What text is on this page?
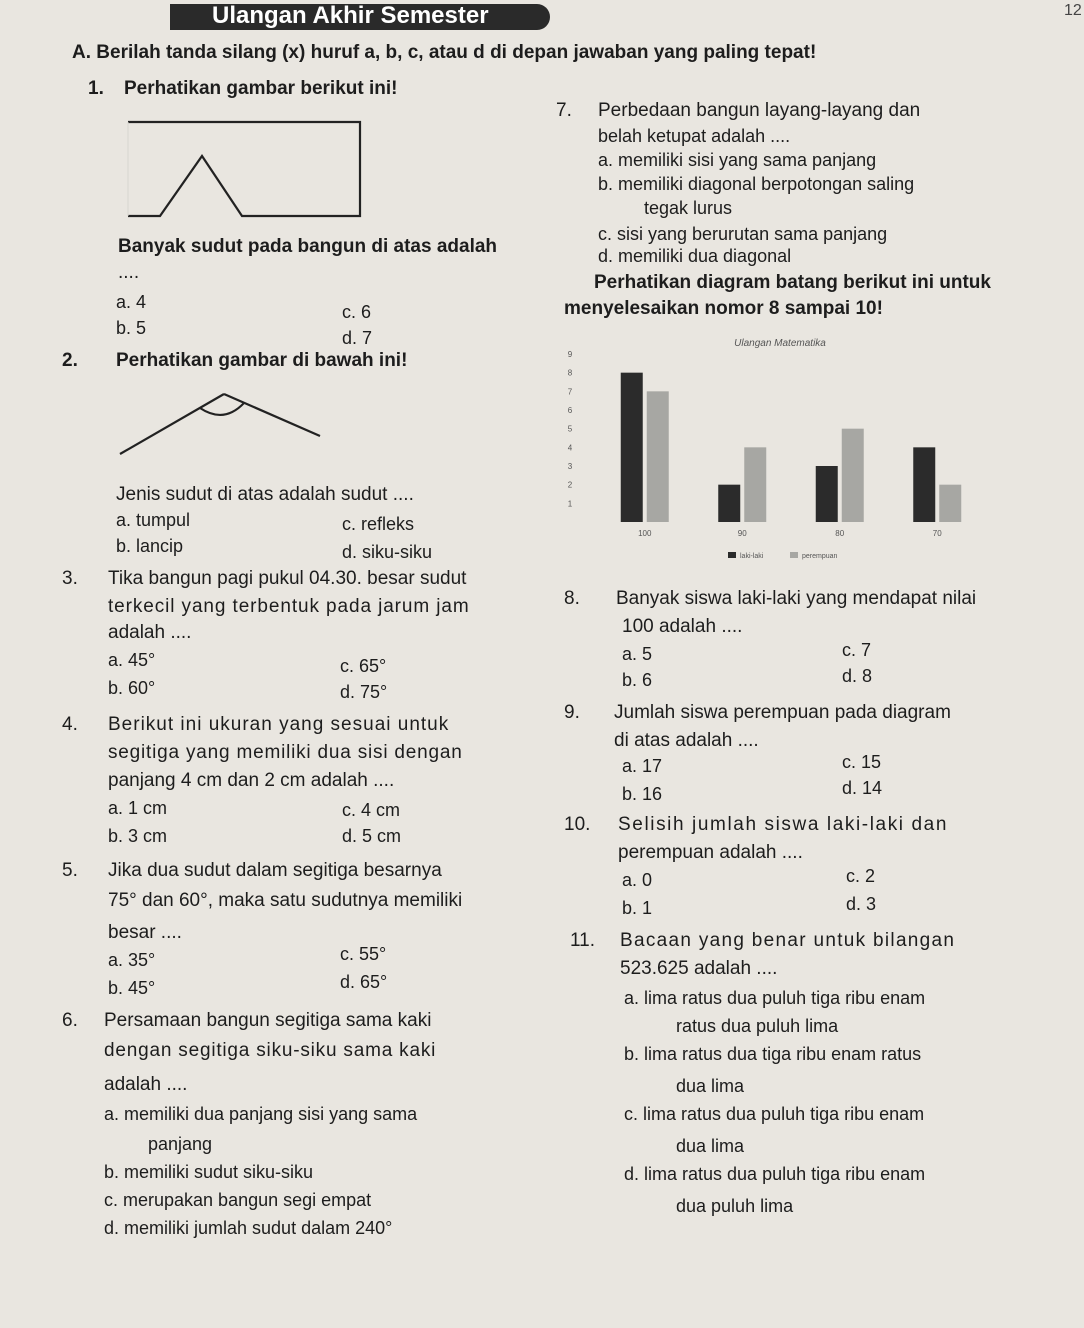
Ulangan Akhir Semester	12
A. Berilah tanda silang (x) huruf a, b, c, atau d di depan jawaban yang paling tepat!
1. Perhatikan gambar berikut ini!
Banyak sudut pada bangun di atas adalah
....
a. 4
b. 5
c. 6
d. 7
2. Perhatikan gambar di bawah ini!
Jenis sudut di atas adalah sudut ....
a. tumpul
b. lancip
c. refleks
d. siku-siku
3. Tika bangun pagi pukul 04.30. besar sudut
terkecil yang terbentuk pada jarum jam
adalah ....
a. 45°
b. 60°
c. 65°
d. 75°
4. Berikut ini ukuran yang sesuai untuk
segitiga yang memiliki dua sisi dengan
panjang 4 cm dan 2 cm adalah ....
a. 1 cm
b. 3 cm
c. 4 cm
d. 5 cm
5. Jika dua sudut dalam segitiga besarnya
75° dan 60°, maka satu sudutnya memiliki
besar ....
a. 35°
b. 45°
c. 55°
d. 65°
6. Persamaan bangun segitiga sama kaki
dengan segitiga siku-siku sama kaki
adalah ....
a. memiliki dua panjang sisi yang sama
panjang
b. memiliki sudut siku-siku
c. merupakan bangun segi empat
d. memiliki jumlah sudut dalam 240°
7. Perbedaan bangun layang-layang dan
belah ketupat adalah ....
a. memiliki sisi yang sama panjang
b. memiliki diagonal berpotongan saling
tegak lurus
c. sisi yang berurutan sama panjang
d. memiliki dua diagonal
Perhatikan diagram batang berikut ini untuk
menyelesaikan nomor 8 sampai 10!
Ulangan Matematika
1
2
3
4
5
6
7
8
9
100	90	80	70
laki-laki	perempuan
8. Banyak siswa laki-laki yang mendapat nilai
100 adalah ....
a. 5
b. 6
c. 7
d. 8
9. Jumlah siswa perempuan pada diagram
di atas adalah ....
a. 17
b. 16
c. 15
d. 14
10. Selisih jumlah siswa laki-laki dan
perempuan adalah ....
a. 0
b. 1
c. 2
d. 3
11. Bacaan yang benar untuk bilangan
523.625 adalah ....
a. lima ratus dua puluh tiga ribu enam
ratus dua puluh lima
b. lima ratus dua tiga ribu enam ratus
dua lima
c. lima ratus dua puluh tiga ribu enam
dua lima
d. lima ratus dua puluh tiga ribu enam
dua puluh lima
